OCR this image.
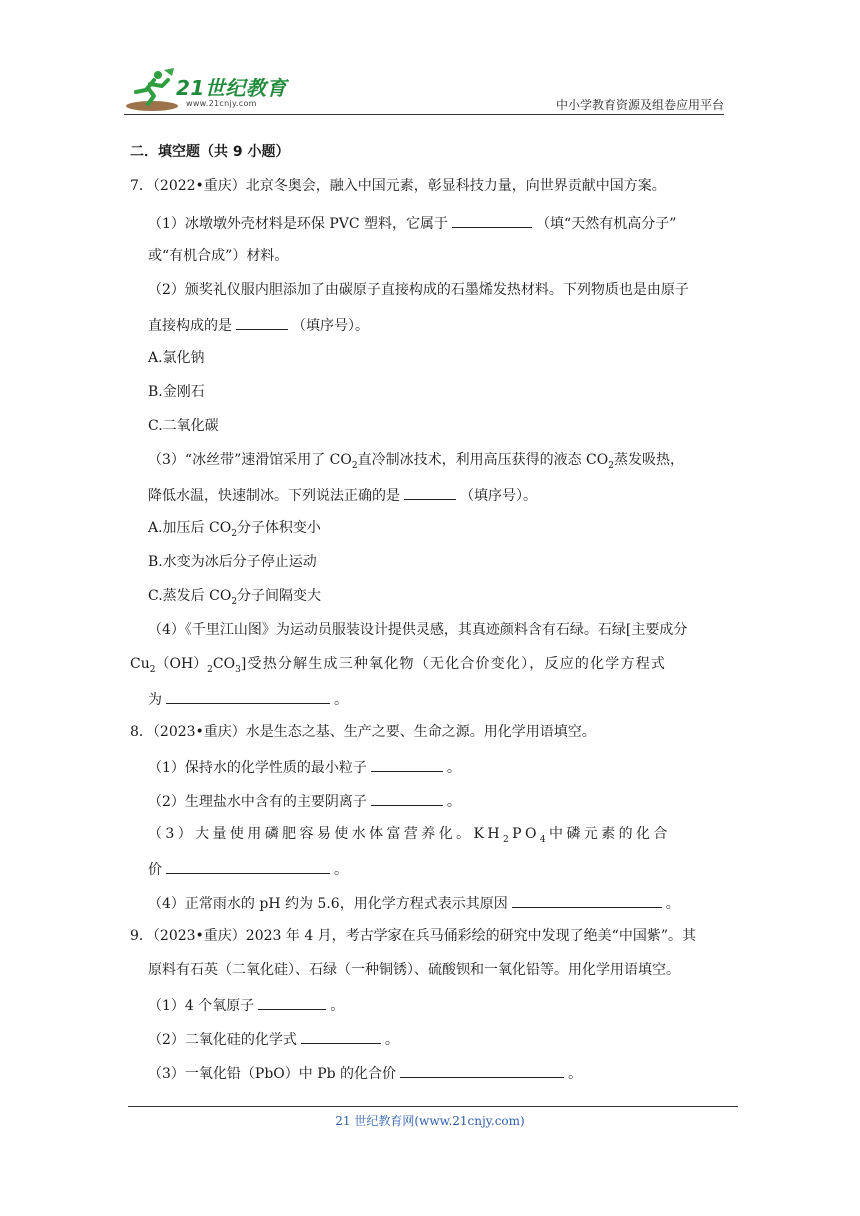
21世纪教育
www.21cnjy.com	中小学教育资源及组卷应用平台
二．填空题（共 9 小题）
7．（2022•重庆）北京冬奥会，融入中国元素，彰显科技力量，向世界贡献中国方案。
（1）冰墩墩外壳材料是环保 PVC 塑料，它属于	（填“天然有机高分子”
或“有机合成”）材料。
（2）颁奖礼仪服内胆添加了由碳原子直接构成的石墨烯发热材料。下列物质也是由原子
直接构成的是	（填序号）。
A.氯化钠
B.金刚石
C.二氧化碳
（3）“冰丝带”速滑馆采用了 $CO_2$直冷制冰技术，利用高压获得的液态 $CO_2$蒸发吸热，
降低水温，快速制冰。下列说法正确的是	（填序号）。
A.加压后 $CO_2$分子体积变小
B.水变为冰后分子停止运动
C.蒸发后 $CO_2$分子间隔变大
（4）《千里江山图》为运动员服装设计提供灵感，其真迹颜料含有石绿。石绿[主要成分
$Cu_2(OH)_2CO_3$]受热分解生成三种氧化物（无化合价变化），反应的化学方程式
为	。
8．（2023•重庆）水是生态之基、生产之要、生命之源。用化学用语填空。
（1）保持水的化学性质的最小粒子	。
（2）生理盐水中含有的主要阴离子	。
（3）大量使用磷肥容易使水体富营养化。$KH_2PO_4$中磷元素的化合
价	。
（4）正常雨水的 pH 约为 5.6，用化学方程式表示其原因	。
9．（2023•重庆）2023 年 4 月，考古学家在兵马俑彩绘的研究中发现了绝美“中国紫”。其
原料有石英（二氧化硅）、石绿（一种铜锈）、硫酸钡和一氧化铅等。用化学用语填空。
（1）4 个氧原子	。
（2）二氧化硅的化学式	。
（3）一氧化铅（PbO）中 Pb 的化合价	。
21 世纪教育网(www.21cnjy.com)
